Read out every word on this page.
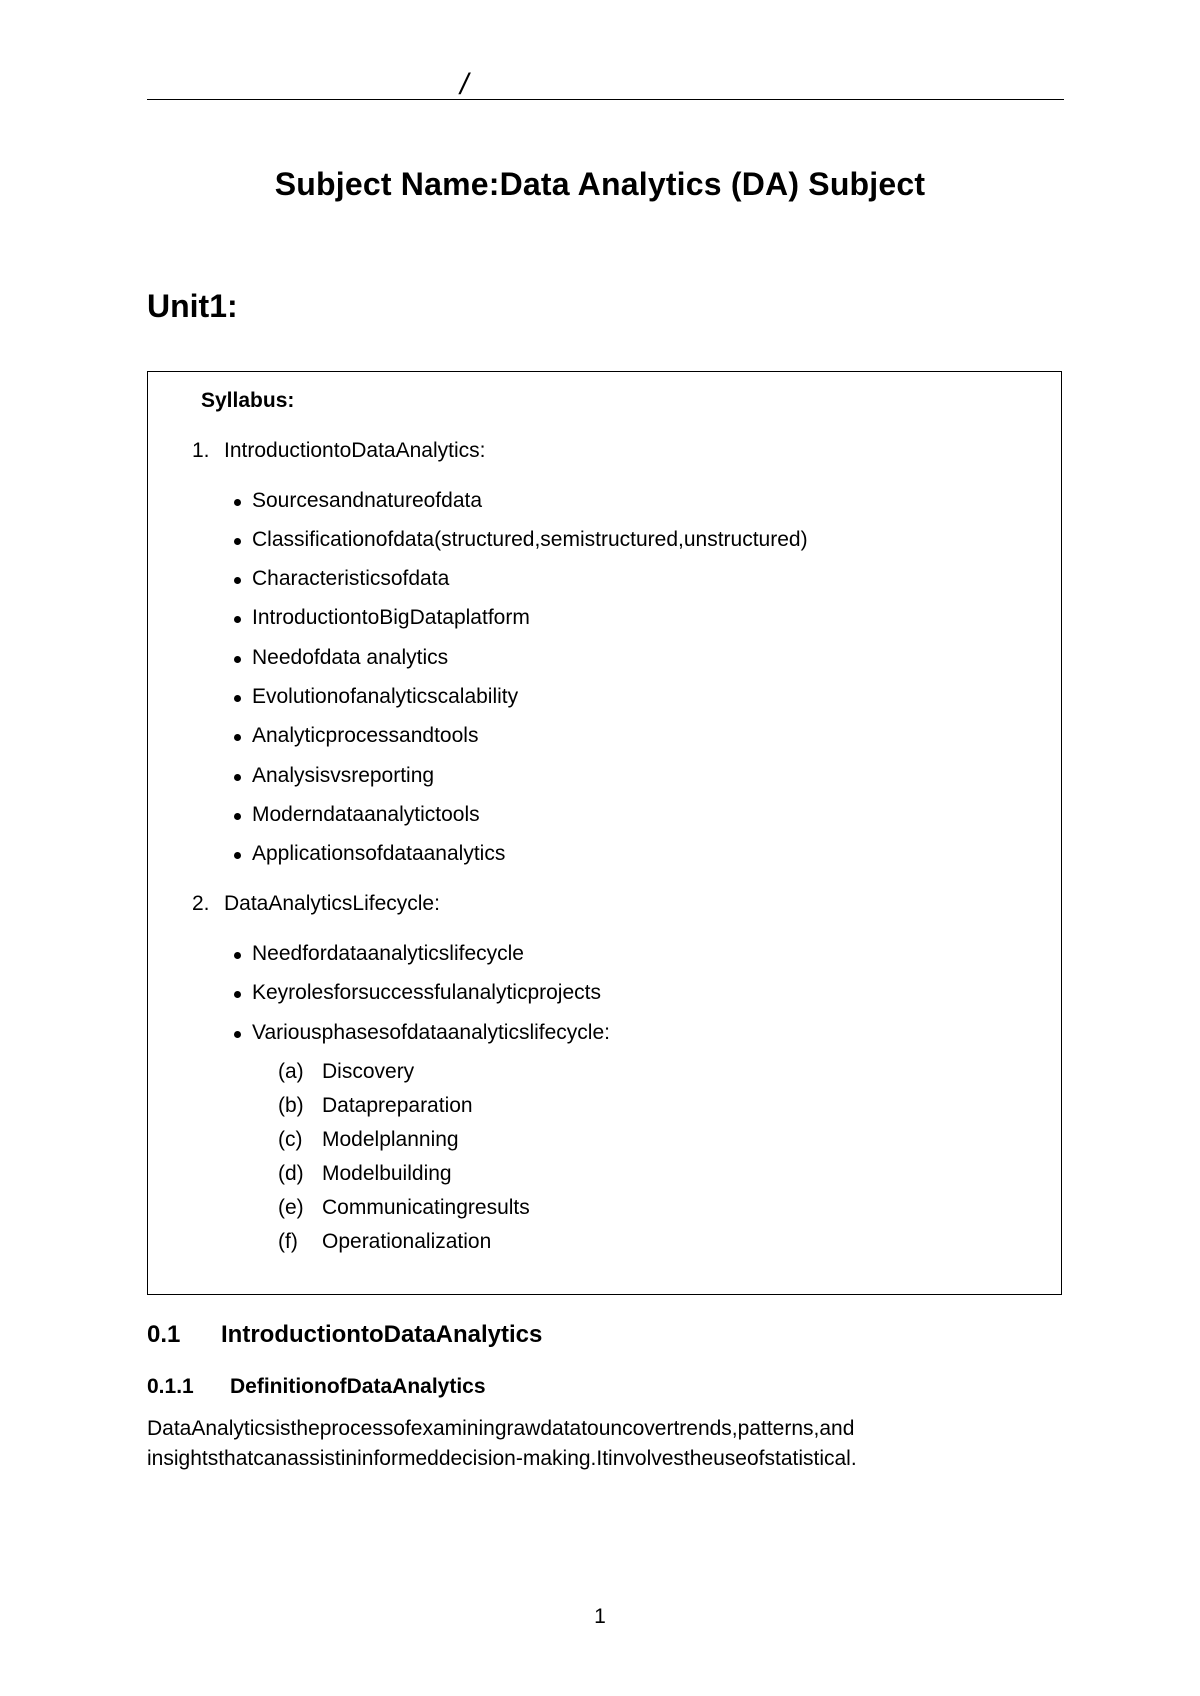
/
Subject Name:Data Analytics (DA) Subject
Unit1:
Syllabus:
1. IntroductiontoDataAnalytics:
Sourcesandnatureofdata
Classificationofdata(structured,semistructured,unstructured)
Characteristicsofdata
IntroductiontoBigDataplatform
Needofdata analytics
Evolutionofanalyticscalability
Analyticprocessandtools
Analysisvsreporting
Moderndataanalytictools
Applicationsofdataanalytics
2. DataAnalyticsLifecycle:
Needfordataanalyticslifecycle
Keyrolesforsuccessfulanalyticprojects
Variousphasesofdataanalyticslifecycle:
(a) Discovery
(b) Datapreparation
(c) Modelplanning
(d) Modelbuilding
(e) Communicatingresults
(f) Operationalization
0.1 IntroductiontoDataAnalytics
0.1.1 DefinitionofDataAnalytics
DataAnalyticsistheprocessofexaminingrawdatatouncovertrends,patterns,and
insightsthatcanassistininformeddecision-making.Itinvolvestheuseofstatistical.
1
